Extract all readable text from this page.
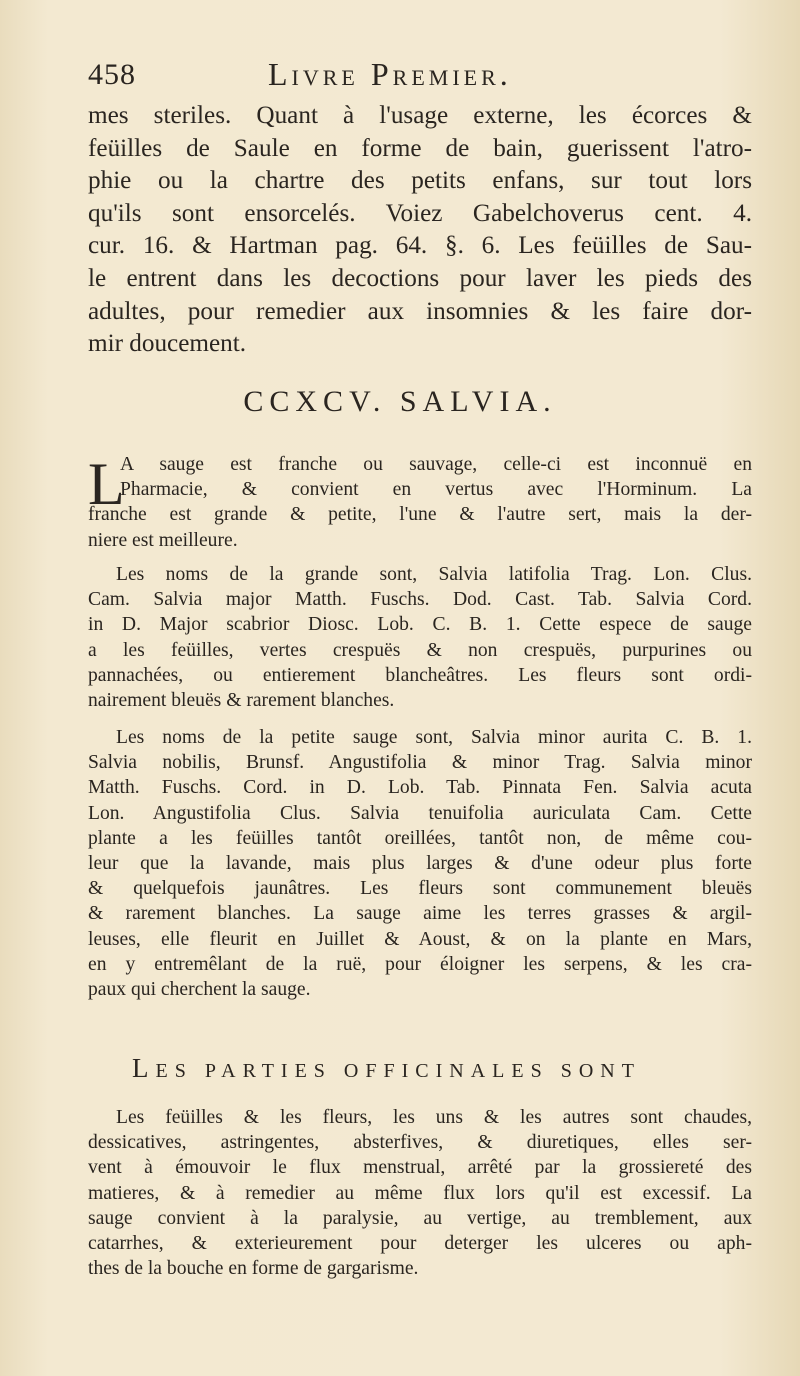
458	Livre Premier.

mes steriles. Quant à l'usage externe, les écorces &

feüilles de Saule en forme de bain, guerissent l'atro-

phie ou la chartre des petits enfans, sur tout lors

qu'ils sont ensorcelés. Voiez Gabelchoverus cent. 4.

cur. 16. & Hartman pag. 64. §. 6. Les feüilles de Sau-

le entrent dans les decoctions pour laver les pieds des

adultes, pour remedier aux insomnies & les faire dor-

mir doucement.

CCXCV. SALVIA.
L

A sauge est franche ou sauvage, celle-ci est inconnuë en

Pharmacie, & convient en vertus avec l'Horminum. La

franche est grande & petite, l'une & l'autre sert, mais la der-

niere est meilleure.

Les noms de la grande sont, Salvia latifolia Trag. Lon. Clus.

Cam. Salvia major Matth. Fuschs. Dod. Cast. Tab. Salvia Cord.

in D. Major scabrior Diosc. Lob. C. B. 1. Cette espece de sauge

a les feüilles, vertes crespuës & non crespuës, purpurines ou

pannachées, ou entierement blancheâtres. Les fleurs sont ordi-

nairement bleuës & rarement blanches.

Les noms de la petite sauge sont, Salvia minor aurita C. B. 1.

Salvia nobilis, Brunsf. Angustifolia & minor Trag. Salvia minor

Matth. Fuschs. Cord. in D. Lob. Tab. Pinnata Fen. Salvia acuta

Lon. Angustifolia Clus. Salvia tenuifolia auriculata Cam. Cette

plante a les feüilles tantôt oreillées, tantôt non, de même cou-

leur que la lavande, mais plus larges & d'une odeur plus forte

& quelquefois jaunâtres. Les fleurs sont communement bleuës

& rarement blanches. La sauge aime les terres grasses & argil-

leuses, elle fleurit en Juillet & Aoust, & on la plante en Mars,

en y entremêlant de la ruë, pour éloigner les serpens, & les cra-

paux qui cherchent la sauge.

LES PARTIES OFFICINALES SONT

Les feüilles & les fleurs, les uns & les autres sont chaudes,

dessicatives, astringentes, absterfives, & diuretiques, elles ser-

vent à émouvoir le flux menstrual, arrêté par la grossiereté des

matieres, & à remedier au même flux lors qu'il est excessif. La

sauge convient à la paralysie, au vertige, au tremblement, aux

catarrhes, & exterieurement pour deterger les ulceres ou aph-

thes de la bouche en forme de gargarisme.
